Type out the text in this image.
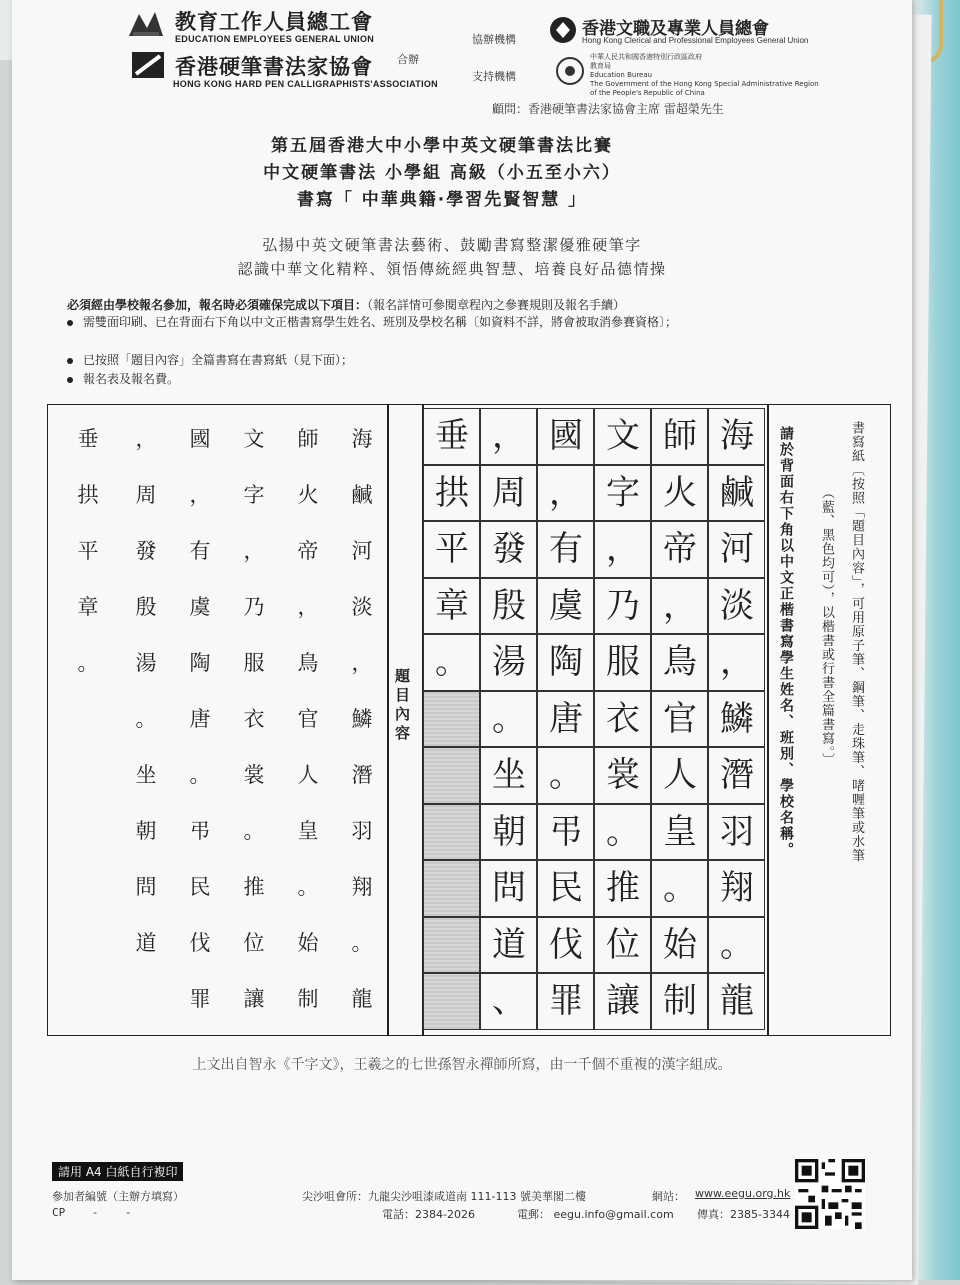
教育工作人員總工會
EDUCATION EMPLOYEES GENERAL UNION
香港硬筆書法家協會
HONG KONG HARD PEN CALLIGRAPHISTS'ASSOCIATION
合辦
協辦機構
支持機構
香港文職及專業人員總會
Hong Kong Clerical and Professional Employees General Union
中華人民共和國香港特別行政區政府
教育局
Education Bureau
The Government of the Hong Kong Special Administrative Region
of the People's Republic of China
顧問：香港硬筆書法家協會主席 雷超榮先生
第五屆香港大中小學中英文硬筆書法比賽
中文硬筆書法 小學組 高級（小五至小六）
書寫「 中華典籍·學習先賢智慧 」
弘揚中英文硬筆書法藝術、鼓勵書寫整潔優雅硬筆字
認識中華文化精粹、領悟傳統經典智慧、培養良好品德情操
必須經由學校報名參加，報名時必須確保完成以下項目：（報名詳情可參閱章程內之參賽規則及報名手續）
需雙面印刷、已在背面右下角以中文正楷書寫學生姓名、班別及學校名稱〔如資料不詳，將會被取消參賽資格〕；
已按照「題目內容」全篇書寫在書寫紙（見下面）；
報名表及報名費。
海
鹹
河
淡
，
鱗
潛
羽
翔
。
龍
師
火
帝
，
鳥
官
人
皇
。
始
制
文
字
，
乃
服
衣
裳
。
推
位
讓
國
，
有
虞
陶
唐
。
弔
民
伐
罪
，
周
發
殷
湯
。
坐
朝
問
道
垂
拱
平
章
。
題目內容
垂
拱
平
章
。
，
周
發
殷
湯
。
坐
朝
問
道
、
國
，
有
虞
陶
唐
。
弔
民
伐
罪
文
字
，
乃
服
衣
裳
。
推
位
讓
師
火
帝
，
鳥
官
人
皇
。
始
制
海
鹹
河
淡
，
鱗
潛
羽
翔
。
龍
書寫紙〔按照「題目內容」，可用原子筆、鋼筆、走珠筆、啫喱筆或水筆
（藍、黑色均可），以楷書或行書全篇書寫。〕
請於背面右下角以中文正楷書寫學生姓名、班別、學校名稱。
上文出自智永《千字文》，王羲之的七世孫智永禪師所寫，由一千個不重複的漢字組成。
請用 A4 白紙自行複印
參加者編號（主辦方填寫）
CP    -    -
尖沙咀會所：九龍尖沙咀漆咸道南 111-113 號美華閣二樓	網站： www.eegu.org.hk
電話：2384-2026	電郵： eegu.info@gmail.com 傳真：2385-3344
